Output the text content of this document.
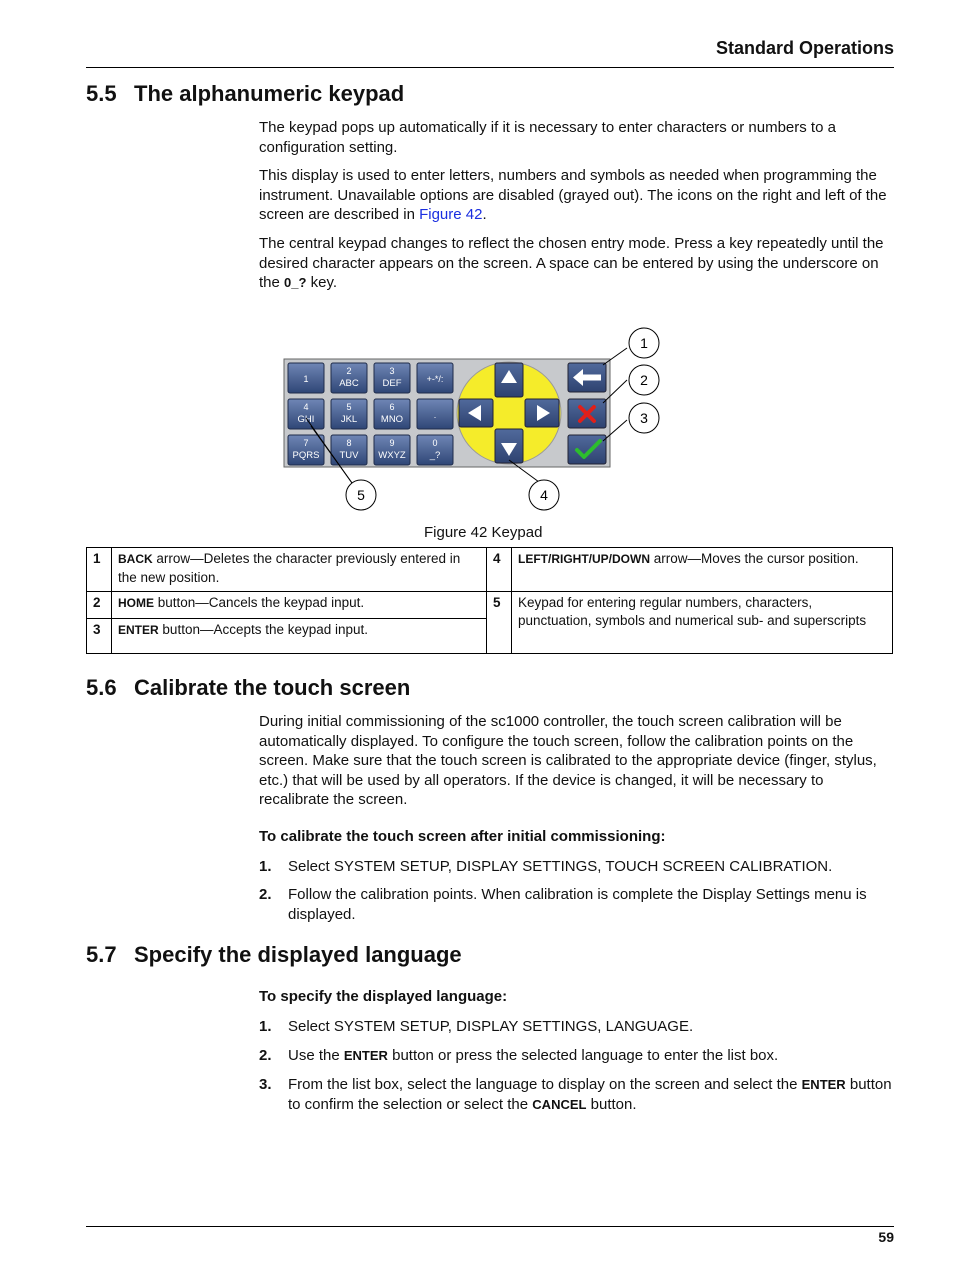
Standard Operations
5.5 The alphanumeric keypad

The keypad pops up automatically if it is necessary to enter characters or numbers to a configuration setting.

This display is used to enter letters, numbers and symbols as needed when programming the instrument. Unavailable options are disabled (grayed out). The icons on the right and left of the screen are described in Figure 42.

The central keypad changes to reflect the chosen entry mode. Press a key repeatedly until the desired character appears on the screen. A space can be entered by using the underscore on the 0_? key.

1
2
ABC
3
DEF	+-*/:
4
GHI
5
JKL
6
MNO	.
7
PQRS
8
TUV
9
WXYZ
0
_?
1
2
3
4
5
Figure 42 Keypad
1	BACK arrow—Deletes the character previously entered in the new position.	4	LEFT/RIGHT/UP/DOWN arrow—Moves the cursor position.
2	HOME button—Cancels the keypad input.	5	Keypad for entering regular numbers, characters, punctuation, symbols and numerical sub- and superscripts
3	ENTER button—Accepts the keypad input.		
5.6 Calibrate the touch screen

During initial commissioning of the sc1000 controller, the touch screen calibration will be automatically displayed. To configure the touch screen, follow the calibration points on the screen. Make sure that the touch screen is calibrated to the appropriate device (finger, stylus, etc.) that will be used by all operators. If the device is changed, it will be necessary to recalibrate the screen.

To calibrate the touch screen after initial commissioning:
1. Select SYSTEM SETUP, DISPLAY SETTINGS, TOUCH SCREEN CALIBRATION.
2. Follow the calibration points. When calibration is complete the Display Settings menu is displayed.
5.7 Specify the displayed language
To specify the displayed language:
1. Select SYSTEM SETUP, DISPLAY SETTINGS, LANGUAGE.
2. Use the ENTER button or press the selected language to enter the list box.
3. From the list box, select the language to display on the screen and select the ENTER button to confirm the selection or select the CANCEL button.
59
